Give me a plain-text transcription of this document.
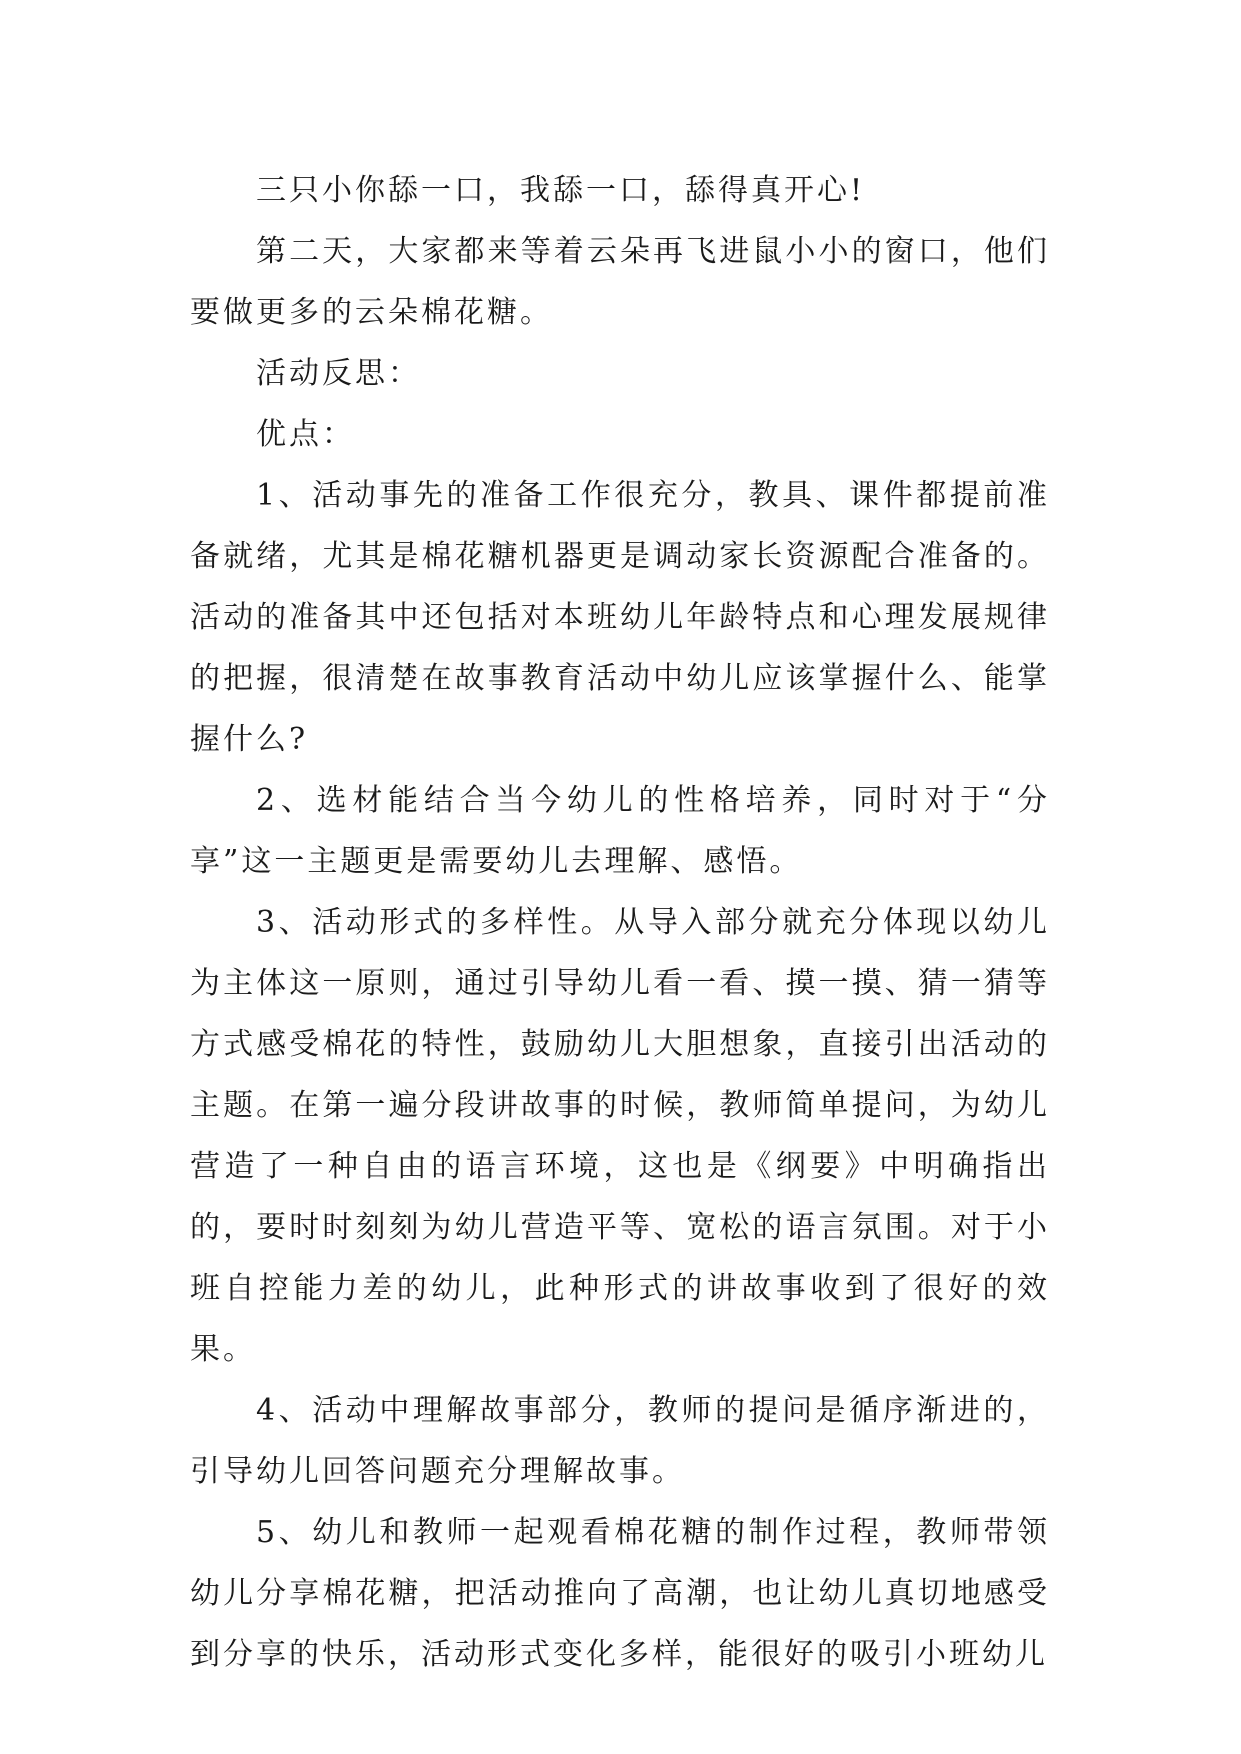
三只小你舔一口，我舔一口，舔得真开心!

第二天，大家都来等着云朵再飞进鼠小小的窗口，他们要做更多的云朵棉花糖。

活动反思：

优点：

1、活动事先的准备工作很充分，教具、课件都提前准备就绪，尤其是棉花糖机器更是调动家长资源配合准备的。活动的准备其中还包括对本班幼儿年龄特点和心理发展规律的把握，很清楚在故事教育活动中幼儿应该掌握什么、能掌握什么?

2、选材能结合当今幼儿的性格培养，同时对于“分享”这一主题更是需要幼儿去理解、感悟。

3、活动形式的多样性。从导入部分就充分体现以幼儿为主体这一原则，通过引导幼儿看一看、摸一摸、猜一猜等方式感受棉花的特性，鼓励幼儿大胆想象，直接引出活动的主题。在第一遍分段讲故事的时候，教师简单提问，为幼儿营造了一种自由的语言环境，这也是《纲要》中明确指出的，要时时刻刻为幼儿营造平等、宽松的语言氛围。对于小班自控能力差的幼儿，此种形式的讲故事收到了很好的效果。

4、活动中理解故事部分，教师的提问是循序渐进的，引导幼儿回答问题充分理解故事。

5、幼儿和教师一起观看棉花糖的制作过程，教师带领幼儿分享棉花糖，把活动推向了高潮，也让幼儿真切地感受到分享的快乐，活动形式变化多样，能很好的吸引小班幼儿
